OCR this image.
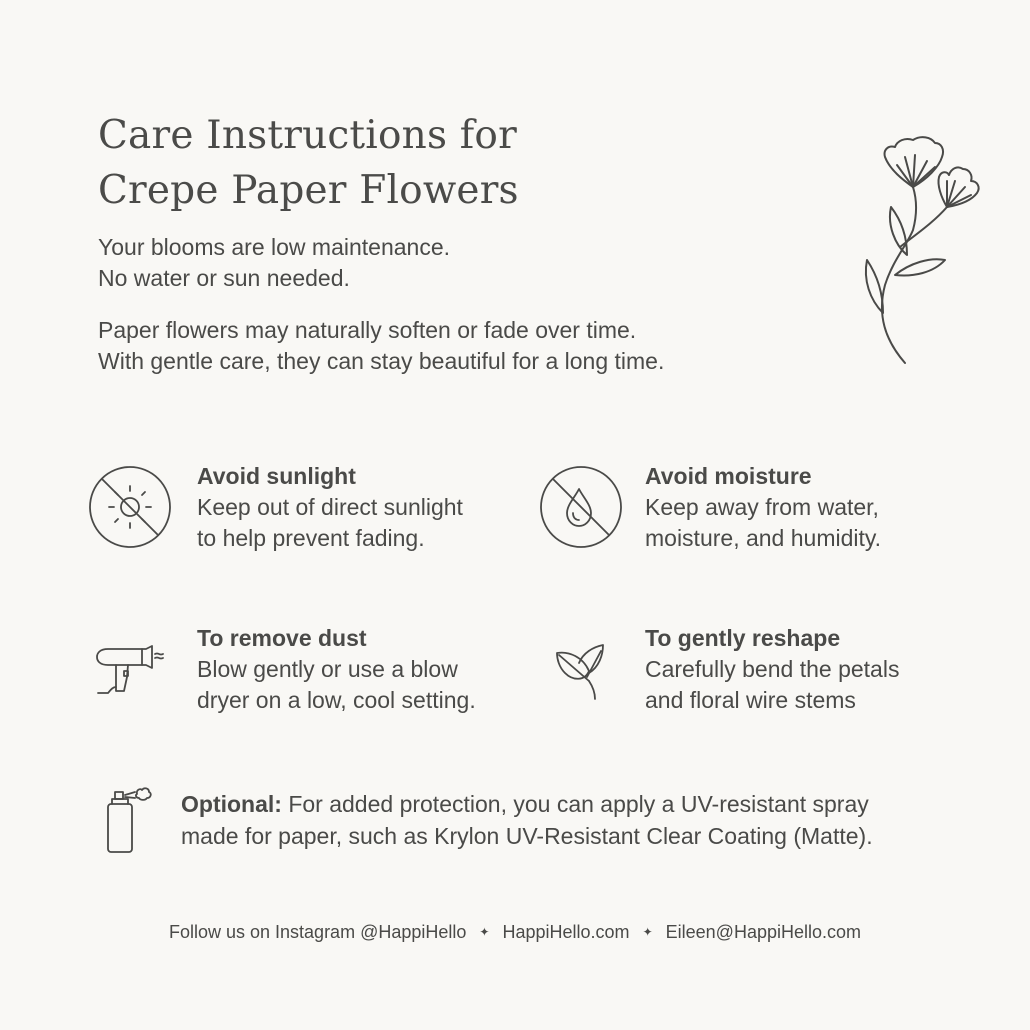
Care Instructions for
Crepe Paper Flowers

Your blooms are low maintenance.
No water or sun needed.

Paper flowers may naturally soften or fade over time.
With gentle care, they can stay beautiful for a long time.

Avoid sunlight
Keep out of direct sunlight
to help prevent fading.
Avoid moisture
Keep away from water,
moisture, and humidity.
To remove dust
Blow gently or use a blow
dryer on a low, cool setting.
To gently reshape
Carefully bend the petals
and floral wire stems
Optional: For added protection, you can apply a UV-resistant spray
made for paper, such as Krylon UV-Resistant Clear Coating (Matte).
Follow us on Instagram @HappiHello ✦ HappiHello.com ✦ Eileen@HappiHello.com
